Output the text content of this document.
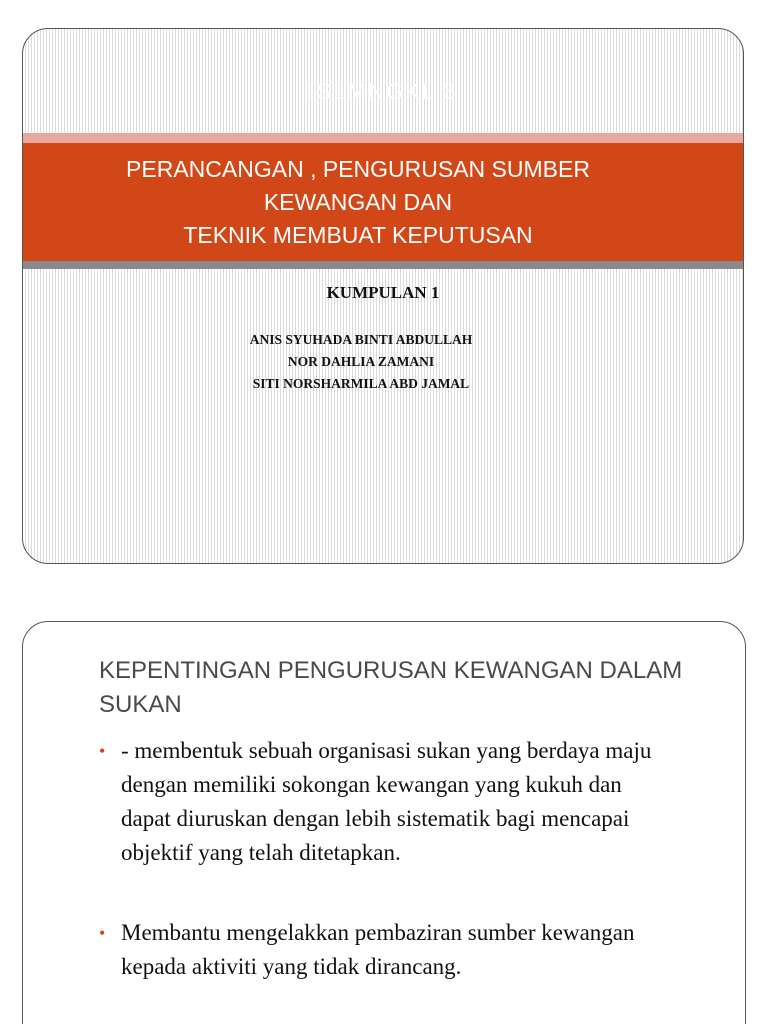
ISLMNGKL 3
PERANCANGAN , PENGURUSAN SUMBER
KEWANGAN DAN
TEKNIK MEMBUAT KEPUTUSAN
KUMPULAN 1
ANIS SYUHADA BINTI ABDULLAH
NOR DAHLIA ZAMANI
SITI NORSHARMILA ABD JAMAL
KEPENTINGAN PENGURUSAN KEWANGAN DALAM
SUKAN
• - membentuk sebuah organisasi sukan yang berdaya maju
dengan memiliki sokongan kewangan yang kukuh dan
dapat diuruskan dengan lebih sistematik bagi mencapai
objektif yang telah ditetapkan.
• Membantu mengelakkan pembaziran sumber kewangan
kepada aktiviti yang tidak dirancang.
